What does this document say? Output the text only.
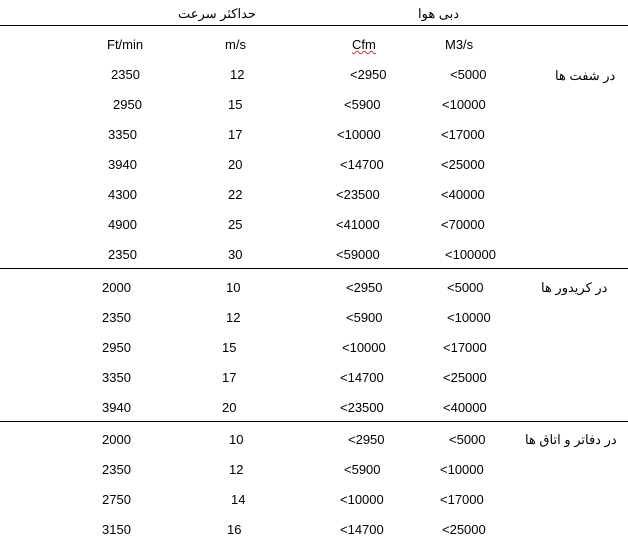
حداکثر سرعت	دبی هوا
Ft/min	m/s	Cfm	M3/s
در شفت ها
2350	12	<2950	<5000
2950	15	<5900	<10000
3350	17	<10000	<17000
3940	20	<14700	<25000
4300	22	<23500	<40000
4900	25	<41000	<70000
2350	30	<59000	<100000
در کریدور ها
2000	10	<2950	<5000
2350	12	<5900	<10000
2950	15	<10000	<17000
3350	17	<14700	<25000
3940	20	<23500	<40000
در دفاتر و اتاق ها
2000	10	<2950	<5000
2350	12	<5900	<10000
2750	14	<10000	<17000
3150	16	<14700	<25000
